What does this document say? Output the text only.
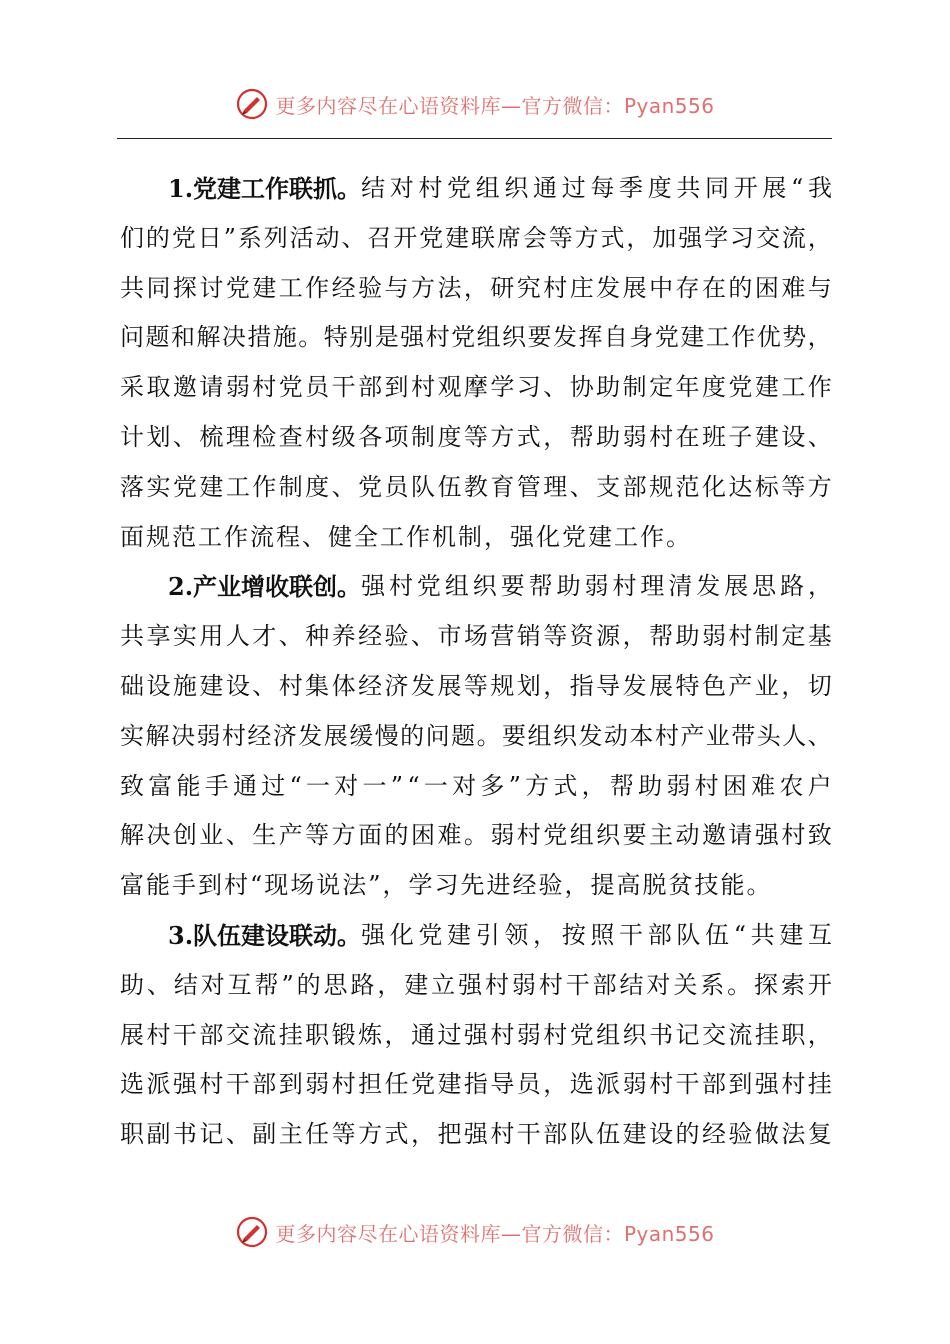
更多内容尽在心语资料库—官方微信：Pyan556
1.党建工作联抓。 结对村党组织通过每季度共同开展“我
们 的 党 日 ” 系 列 活 动 、 召 开 党 建 联 席 会 等 方 式 ， 加 强 学 习 交 流 ，
共 同 探 讨 党 建 工 作 经 验 与 方 法 ， 研 究 村 庄 发 展 中 存 在 的 困 难 与
问 题 和 解 决 措 施 。 特 别 是 强 村 党 组 织 要 发 挥 自 身 党 建 工 作 优 势 ，
采 取 邀 请 弱 村 党 员 干 部 到 村 观 摩 学 习 、 协 助 制 定 年 度 党 建 工 作
计 划 、 梳 理 检 查 村 级 各 项 制 度 等 方 式 ， 帮 助 弱 村 在 班 子 建 设 、
落 实 党 建 工 作 制 度 、 党 员 队 伍 教 育 管 理 、 支 部 规 范 化 达 标 等 方
面规范工作流程、健全工作机制，强化党建工作。
2.产业增收联创。 强村党组织要帮助弱村理清发展思路，
共 享 实 用 人 才 、 种 养 经 验 、 市 场 营 销 等 资 源 ， 帮 助 弱 村 制 定 基
础 设 施 建 设 、 村 集 体 经 济 发 展 等 规 划 ， 指 导 发 展 特 色 产 业 ， 切
实 解 决 弱 村 经 济 发 展 缓 慢 的 问 题 。 要 组 织 发 动 本 村 产 业 带 头 人 、
致 富 能 手 通 过 “ 一 对 一 ” “ 一 对 多 ” 方 式 ， 帮 助 弱 村 困 难 农 户
解 决 创 业 、 生 产 等 方 面 的 困 难 。 弱 村 党 组 织 要 主 动 邀 请 强 村 致
富能手到村“现场说法”，学习先进经验，提高脱贫技能。
3.队伍建设联动。 强化党建引领，按照干部队伍“共建互
助 、 结 对 互 帮 ” 的 思 路 ， 建 立 强 村 弱 村 干 部 结 对 关 系 。 探 索 开
展 村 干 部 交 流 挂 职 锻 炼 ， 通 过 强 村 弱 村 党 组 织 书 记 交 流 挂 职 ，
选 派 强 村 干 部 到 弱 村 担 任 党 建 指 导 员 ， 选 派 弱 村 干 部 到 强 村 挂
职 副 书 记 、 副 主 任 等 方 式 ， 把 强 村 干 部 队 伍 建 设 的 经 验 做 法 复
更多内容尽在心语资料库—官方微信：Pyan556
